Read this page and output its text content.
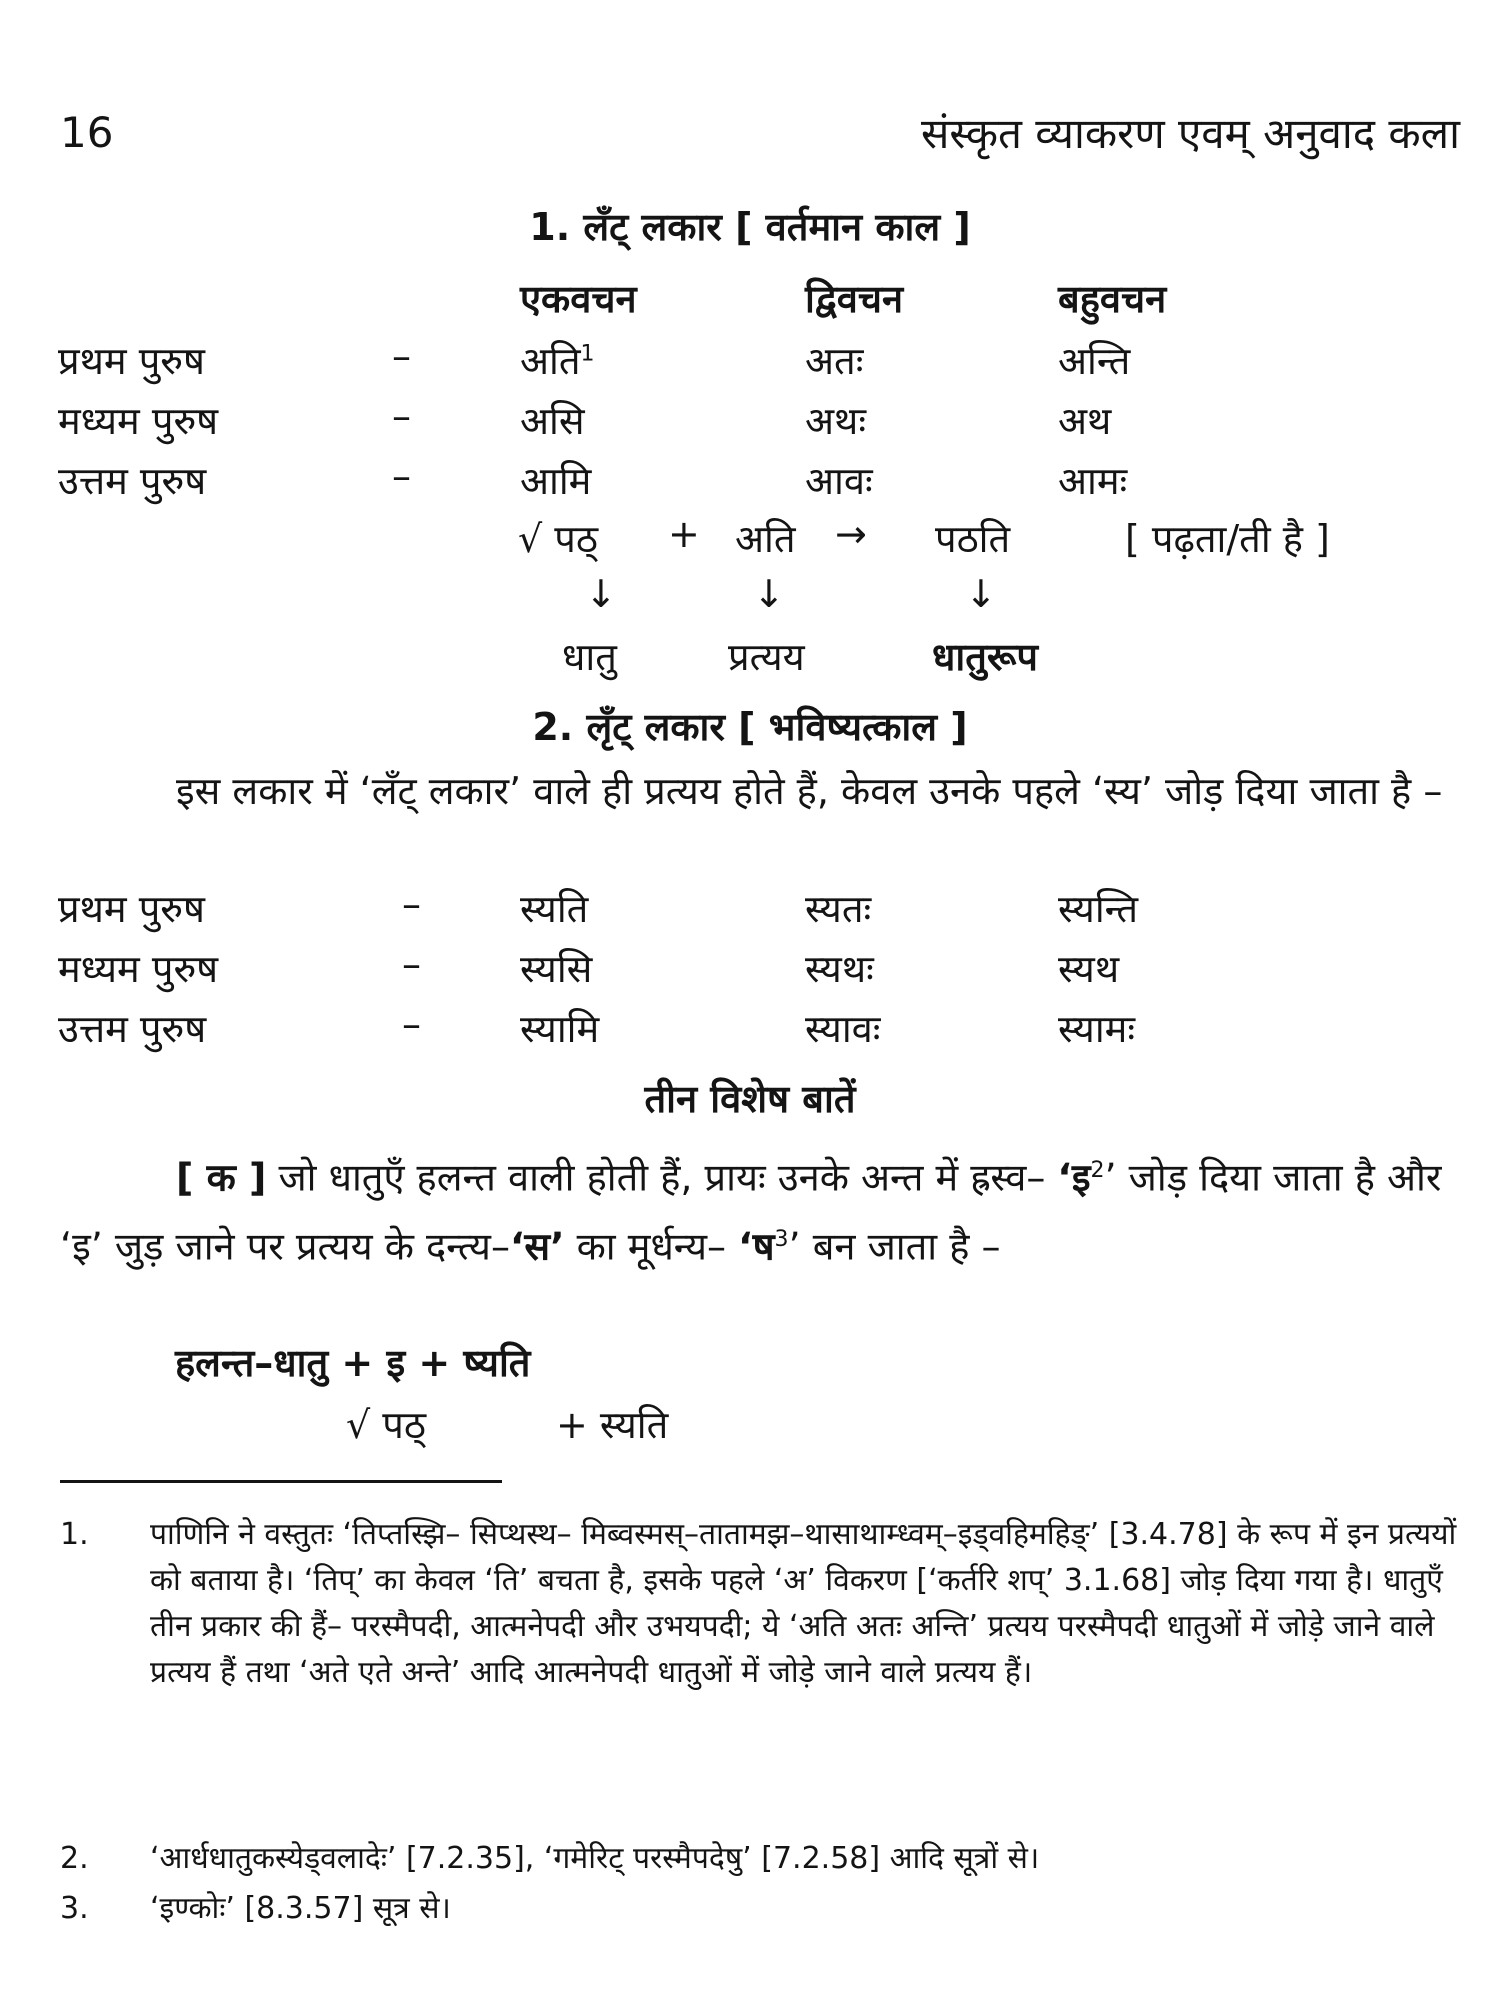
16	संस्कृत व्याकरण एवम् अनुवाद कला
1. लँट् लकार [ वर्तमान काल ]
एकवचन	द्विवचन	बहुवचन
प्रथम पुरुष	–	अति$^1$	अतः	अन्ति
मध्यम पुरुष	–	असि	अथः	अथ
उत्तम पुरुष	–	आमि	आवः	आमः
√ पठ् + अति → पठति	[ पढ़ता/ती है ]
↓	↓	↓
धातु	प्रत्यय	धातुरूप
2. लृँट् लकार [ भविष्यत्काल ]
इस लकार में ‘लँट् लकार’ वाले ही प्रत्यय होते हैं, केवल उनके पहले ‘स्य’ जोड़ दिया जाता है –
प्रथम पुरुष	–	स्यति	स्यतः	स्यन्ति
मध्यम पुरुष	–	स्यसि	स्यथः	स्यथ
उत्तम पुरुष	–	स्यामि	स्यावः	स्यामः
तीन विशेष बातें
[ क ] जो धातुएँ हलन्त वाली होती हैं, प्रायः उनके अन्त में ह्रस्व– ‘इ$^2$’ जोड़ दिया जाता है और ‘इ’ जुड़ जाने पर प्रत्यय के दन्त्य–‘स’ का मूर्धन्य– ‘ष$^3$’ बन जाता है –
हलन्त–धातु + इ + ष्यति
√ पठ्	+ स्यति
1. पाणिनि ने वस्तुतः ‘तिप्तस्झि– सिप्थस्थ– मिब्वस्मस्–तातामझ–थासाथाम्ध्वम्–इड्वहिमहिङ्’ [3.4.78] के रूप में इन प्रत्ययों को बताया है। ‘तिप्’ का केवल ‘ति’ बचता है, इसके पहले ‘अ’ विकरण [‘कर्तरि शप्’ 3.1.68] जोड़ दिया गया है। धातुएँ तीन प्रकार की हैं– परस्मैपदी, आत्मनेपदी और उभयपदी; ये ‘अति अतः अन्ति’ प्रत्यय परस्मैपदी धातुओं में जोड़े जाने वाले प्रत्यय हैं तथा ‘अते एते अन्ते’ आदि आत्मनेपदी धातुओं में जोड़े जाने वाले प्रत्यय हैं।
2. ‘आर्धधातुकस्येड्वलादेः’ [7.2.35], ‘गमेरिट् परस्मैपदेषु’ [7.2.58] आदि सूत्रों से।
3. ‘इण्कोः’ [8.3.57] सूत्र से।
